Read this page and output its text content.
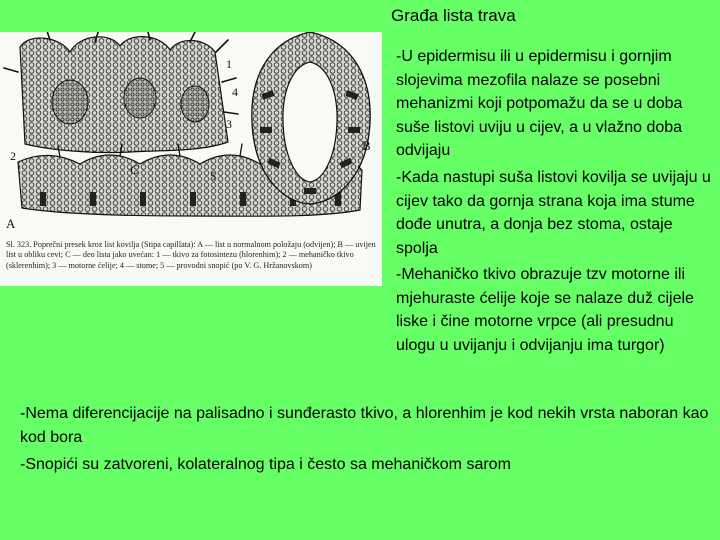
Građa lista trava
1
4
3
2
C	5
B
A
Sl. 323. Poprečni presek kroz list kovilja (Stipa capillata): A — list u normalnom položaju (odvijen); B — uvijen list u obliku cevi; C — deo lista jako uvećan: 1 — tkivo za fotosintezu (hlorenhim); 2 — mehaničko tkivo (sklerenhim); 3 — motorne ćelije; 4 — stome; 5 — provodni snopić (po V. G. Hržanovskom)

-U epidermisu ili u epidermisu i gornjim slojevima mezofila nalaze se posebni mehanizmi koji potpomažu da se u doba suše listovi uviju u cijev, a u vlažno doba odvijaju

-Kada nastupi suša listovi kovilja se uvijaju u cijev tako da gornja strana koja ima stume dođe unutra, a donja bez stoma, ostaje spolja

-Mehaničko tkivo obrazuje tzv motorne ili mjehuraste ćelije koje se nalaze duž cijele liske i čine motorne vrpce (ali presudnu ulogu u uvijanju i odvijanju ima turgor)

-Nema diferencijacije na palisadno i sunđerasto tkivo, a hlorenhim je kod nekih vrsta naboran kao kod bora

-Snopići su zatvoreni, kolateralnog tipa i često sa mehaničkom sarom
